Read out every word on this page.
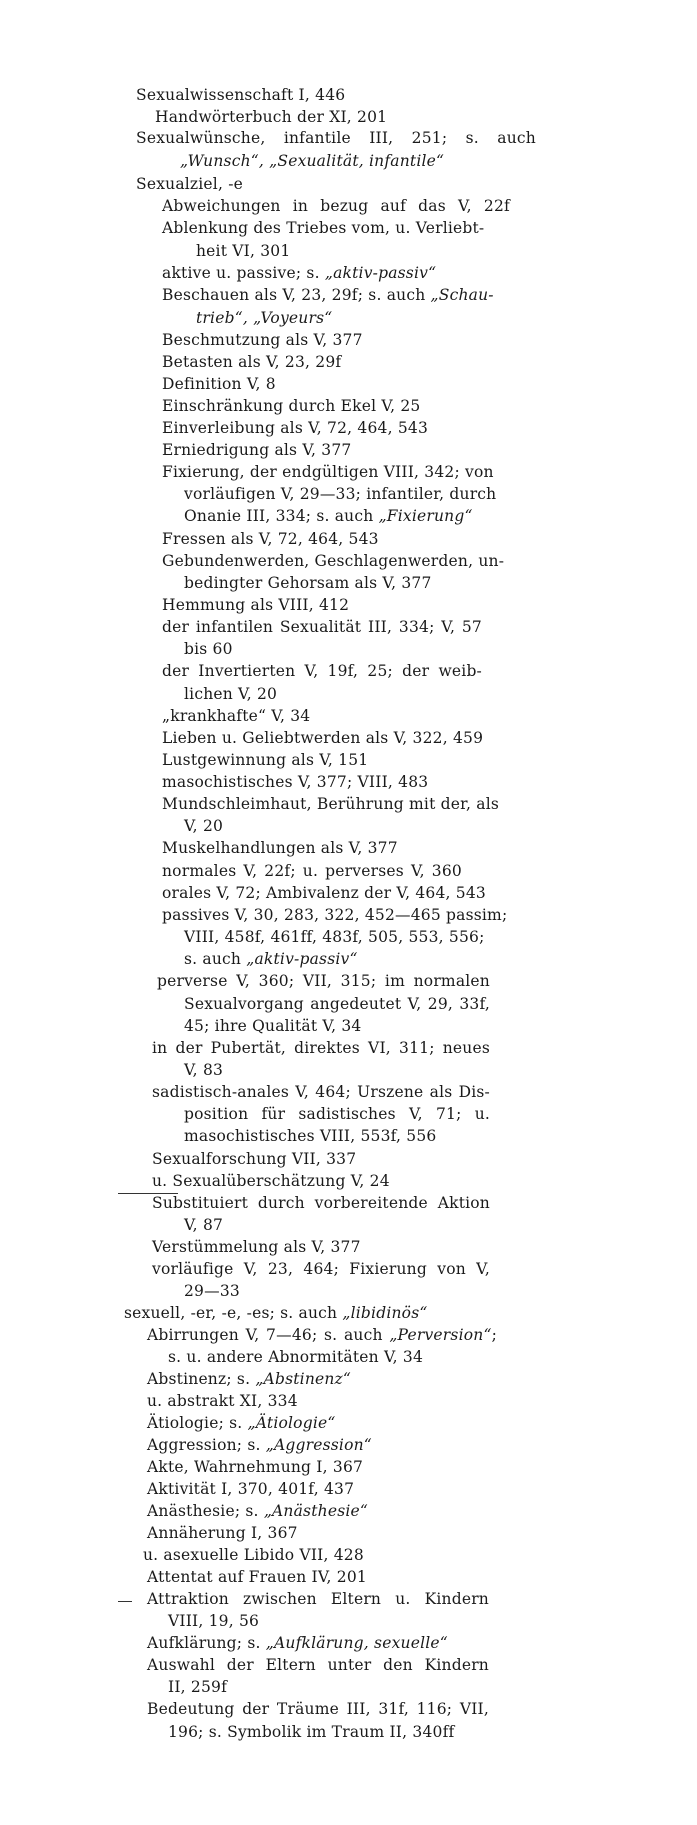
Sexualwissenschaft I, 446
Handwörterbuch der XI, 201
Sexualwünsche, infantile III, 251; s. auch
„Wunsch“, „Sexualität, infantile“
Sexualziel, -e
Abweichungen in bezug auf das V, 22f
Ablenkung des Triebes vom, u. Verliebt-
heit VI, 301
aktive u. passive; s. „aktiv-passiv“
Beschauen als V, 23, 29f; s. auch „Schau-
trieb“, „Voyeurs“
Beschmutzung als V, 377
Betasten als V, 23, 29f
Definition V, 8
Einschränkung durch Ekel V, 25
Einverleibung als V, 72, 464, 543
Erniedrigung als V, 377
Fixierung, der endgültigen VIII, 342; von
vorläufigen V, 29—33; infantiler, durch
Onanie III, 334; s. auch „Fixierung“
Fressen als V, 72, 464, 543
Gebundenwerden, Geschlagenwerden, un-
bedingter Gehorsam als V, 377
Hemmung als VIII, 412
der infantilen Sexualität III, 334; V, 57
bis 60
der Invertierten V, 19f, 25; der weib-
lichen V, 20
„krankhafte“ V, 34
Lieben u. Geliebtwerden als V, 322, 459
Lustgewinnung als V, 151
masochistisches V, 377; VIII, 483
Mundschleimhaut, Berührung mit der, als
V, 20
Muskelhandlungen als V, 377
normales V, 22f; u. perverses V, 360
orales V, 72; Ambivalenz der V, 464, 543
passives V, 30, 283, 322, 452—465 passim;
VIII, 458f, 461ff, 483f, 505, 553, 556;
s. auch „aktiv-passiv“
perverse V, 360; VII, 315; im normalen
Sexualvorgang angedeutet V, 29, 33f,
45; ihre Qualität V, 34
in der Pubertät, direktes VI, 311; neues
V, 83
sadistisch-anales V, 464; Urszene als Dis-
position für sadistisches V, 71; u.
masochistisches VIII, 553f, 556
Sexualforschung VII, 337
u. Sexualüberschätzung V, 24
Substituiert durch vorbereitende Aktion
V, 87
Verstümmelung als V, 377
vorläufige V, 23, 464; Fixierung von V,
29—33
sexuell, -er, -e, -es; s. auch „libidinös“
Abirrungen V, 7—46; s. auch „Perversion“;
s. u. andere Abnormitäten V, 34
Abstinenz; s. „Abstinenz“
u. abstrakt XI, 334
Ätiologie; s. „Ätiologie“
Aggression; s. „Aggression“
Akte, Wahrnehmung I, 367
Aktivität I, 370, 401f, 437
Anästhesie; s. „Anästhesie“
Annäherung I, 367
u. asexuelle Libido VII, 428
Attentat auf Frauen IV, 201
Attraktion zwischen Eltern u. Kindern
VIII, 19, 56
Aufklärung; s. „Aufklärung, sexuelle“
Auswahl der Eltern unter den Kindern
II, 259f
Bedeutung der Träume III, 31f, 116; VII,
196; s. Symbolik im Traum II, 340ff
